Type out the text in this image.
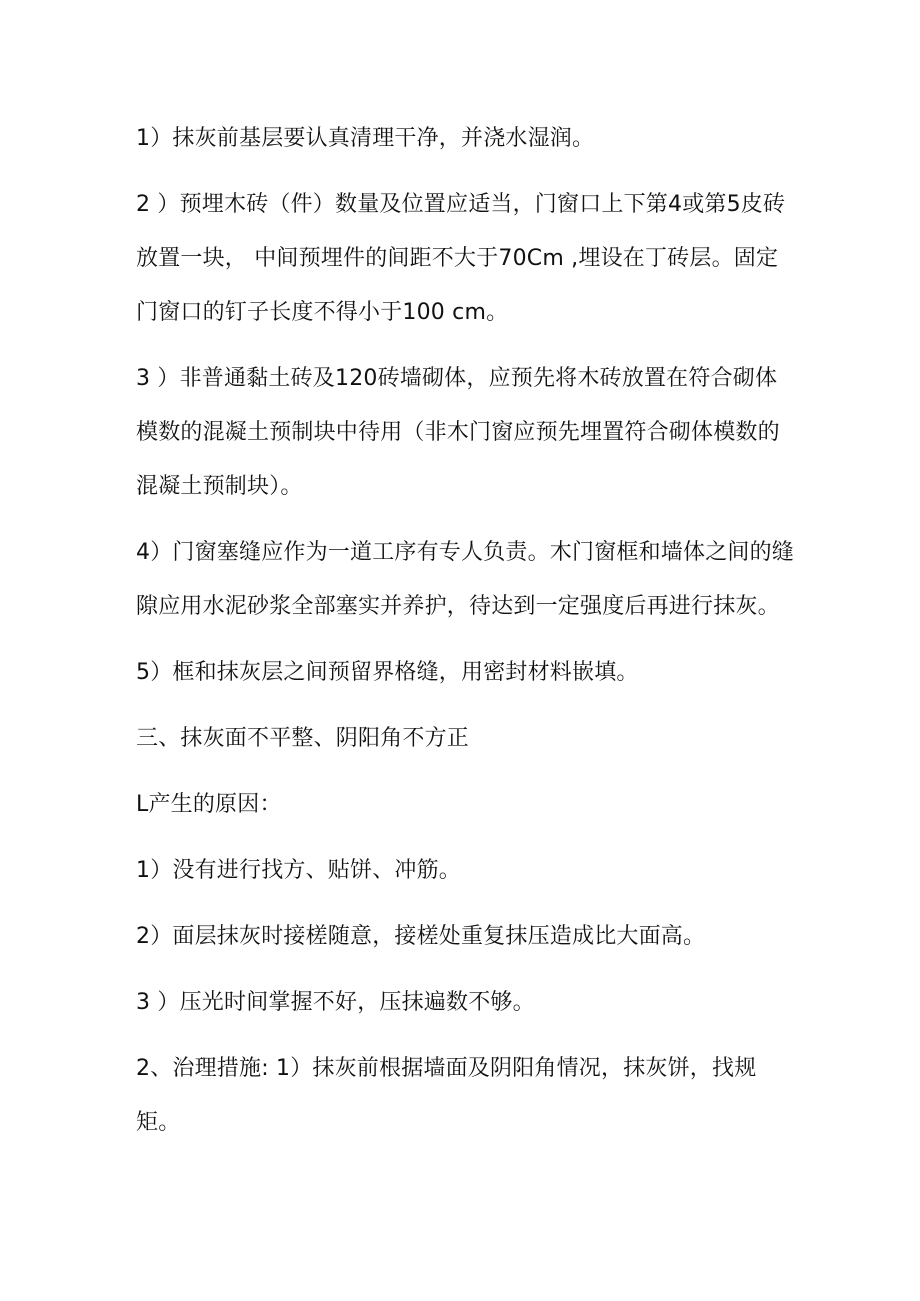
1）抹灰前基层要认真清理干净，并浇水湿润。

2 ）预埋木砖（件）数量及位置应适当，门窗口上下第4或第5皮砖放置一块， 中间预埋件的间距不大于70Cm ,埋设在丁砖层。固定门窗口的钉子长度不得小于100 cm。

3 ）非普通黏土砖及120砖墙砌体，应预先将木砖放置在符合砌体模数的混凝土预制块中待用（非木门窗应预先埋置符合砌体模数的混凝土预制块）。

4）门窗塞缝应作为一道工序有专人负责。木门窗框和墙体之间的缝隙应用水泥砂浆全部塞实并养护，待达到一定强度后再进行抹灰。

5）框和抹灰层之间预留界格缝，用密封材料嵌填。

三、抹灰面不平整、阴阳角不方正

L产生的原因：

1）没有进行找方、贴饼、冲筋。

2）面层抹灰时接槎随意，接槎处重复抹压造成比大面高。

3 ）压光时间掌握不好，压抹遍数不够。

2、治理措施: 1）抹灰前根据墙面及阴阳角情况，抹灰饼，找规矩。
